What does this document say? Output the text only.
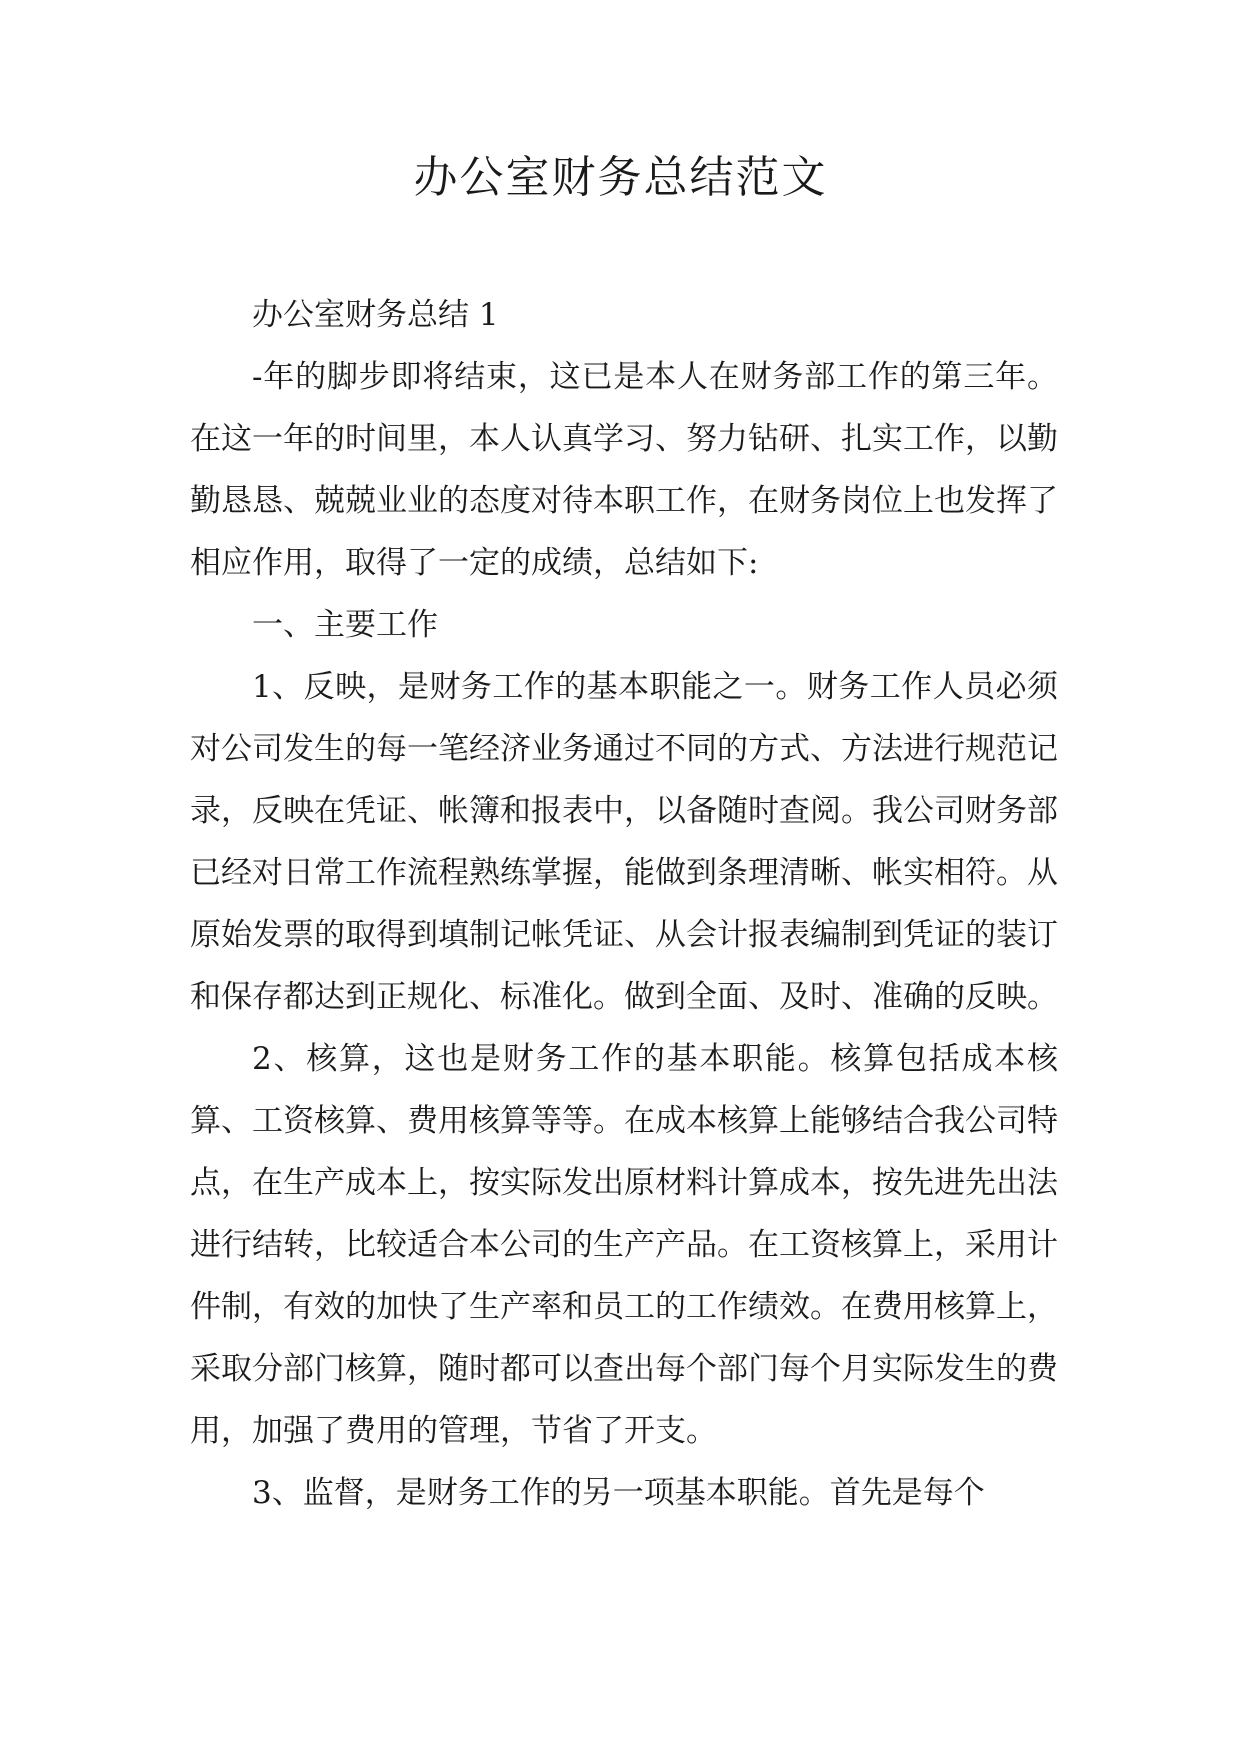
办公室财务总结范文

办公室财务总结 1

-年的脚步即将结束，这已是本人在财务部工作的第三年。在这一年的时间里，本人认真学习、努力钻研、扎实工作，以勤勤恳恳、兢兢业业的态度对待本职工作，在财务岗位上也发挥了相应作用，取得了一定的成绩，总结如下:

一、主要工作

1、反映，是财务工作的基本职能之一。财务工作人员必须对公司发生的每一笔经济业务通过不同的方式、方法进行规范记录，反映在凭证、帐簿和报表中，以备随时查阅。我公司财务部已经对日常工作流程熟练掌握，能做到条理清晰、帐实相符。从原始发票的取得到填制记帐凭证、从会计报表编制到凭证的装订和保存都达到正规化、标准化。做到全面、及时、准确的反映。

2、核算，这也是财务工作的基本职能。核算包括成本核算、工资核算、费用核算等等。在成本核算上能够结合我公司特点，在生产成本上，按实际发出原材料计算成本，按先进先出法进行结转，比较适合本公司的生产产品。在工资核算上，采用计件制，有效的加快了生产率和员工的工作绩效。在费用核算上，采取分部门核算，随时都可以查出每个部门每个月实际发生的费用，加强了费用的管理，节省了开支。

3、监督，是财务工作的另一项基本职能。首先是每个
